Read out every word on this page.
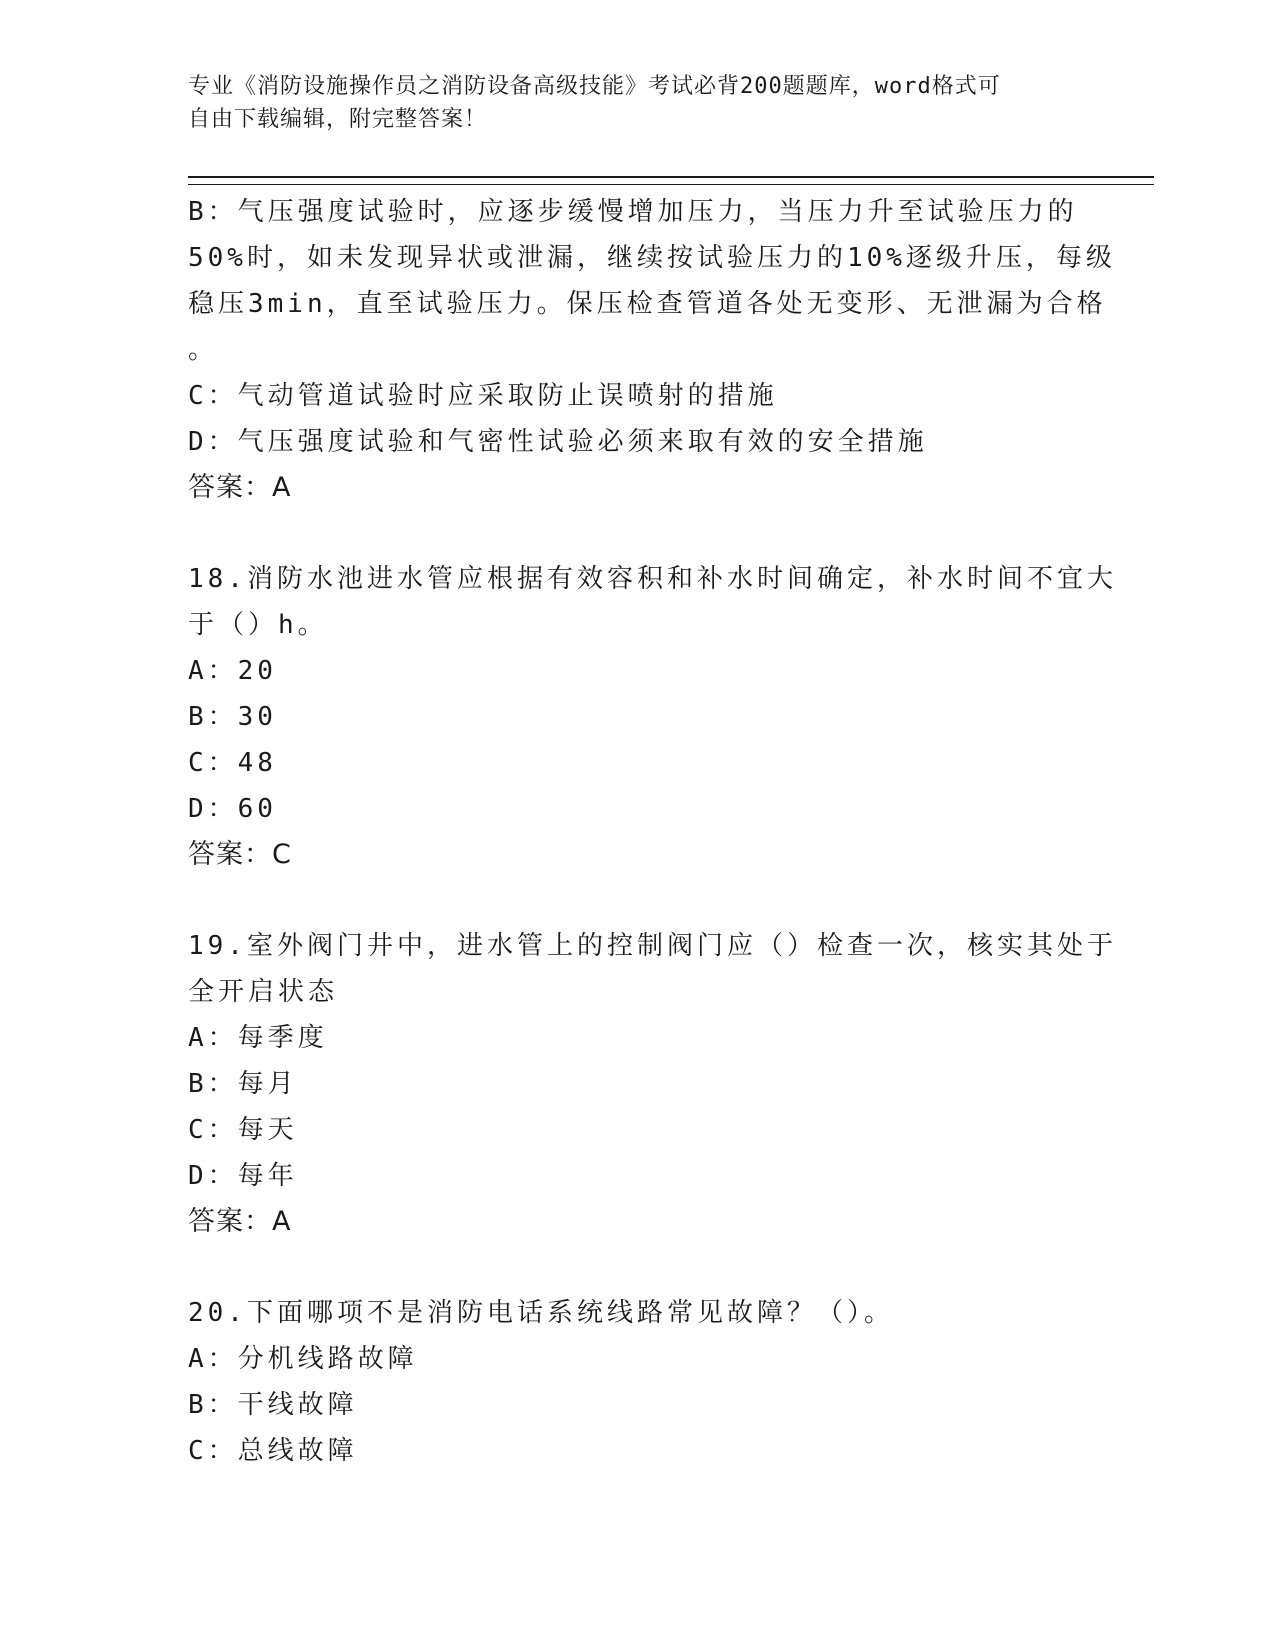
专业《消防设施操作员之消防设备高级技能》考试必背200题题库，word格式可
自由下载编辑，附完整答案！
B：气压强度试验时，应逐步缓慢增加压力，当压力升至试验压力的
50%时，如未发现异状或泄漏，继续按试验压力的10%逐级升压，每级
稳压3min，直至试验压力。保压检查管道各处无变形、无泄漏为合格
。
C：气动管道试验时应采取防止误喷射的措施
D：气压强度试验和气密性试验必须来取有效的安全措施
答案：A
18.消防水池进水管应根据有效容积和补水时间确定，补水时间不宜大
于（）h。
A：20
B：30
C：48
D：60
答案：C
19.室外阀门井中，进水管上的控制阀门应（）检查一次，核实其处于
全开启状态
A：每季度
B：每月
C：每天
D：每年
答案：A
20.下面哪项不是消防电话系统线路常见故障？（）。
A：分机线路故障
B：干线故障
C：总线故障
